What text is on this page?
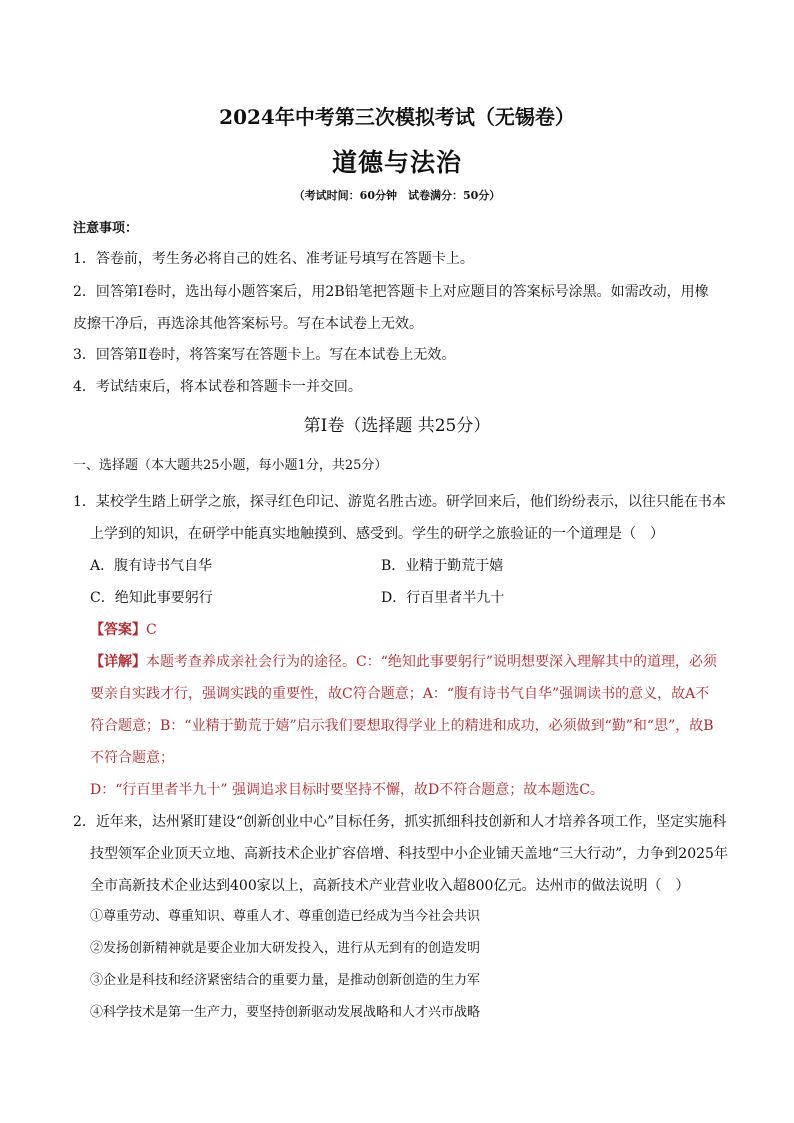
2024年中考第三次模拟考试（无锡卷）
道德与法治
（考试时间：60分钟　试卷满分：50分）
注意事项：
1．答卷前，考生务必将自己的姓名、准考证号填写在答题卡上。
2．回答第Ⅰ卷时，选出每小题答案后，用2B铅笔把答题卡上对应题目的答案标号涂黑。如需改动，用橡
皮擦干净后，再选涂其他答案标号。写在本试卷上无效。
3．回答第Ⅱ卷时，将答案写在答题卡上。写在本试卷上无效。
4．考试结束后，将本试卷和答题卡一并交回。
第Ⅰ卷（选择题 共25分）
一、选择题（本大题共25小题，每小题1分，共25分）
1．某校学生踏上研学之旅，探寻红色印记、游览名胜古迹。研学回来后，他们纷纷表示，以往只能在书本
上学到的知识，在研学中能真实地触摸到、感受到。学生的研学之旅验证的一个道理是（　）
A．腹有诗书气自华	B．业精于勤荒于嬉
C．绝知此事要躬行	D．行百里者半九十
【答案】C
【详解】本题考查养成亲社会行为的途径。C：“绝知此事要躬行”说明想要深入理解其中的道理，必须
要亲自实践才行，强调实践的重要性，故C符合题意；A：“腹有诗书气自华”强调读书的意义，故A不
符合题意；B：“业精于勤荒于嬉”启示我们要想取得学业上的精进和成功，必须做到“勤”和“思”，故B
不符合题意；
D：“行百里者半九十” 强调追求目标时要坚持不懈，故D不符合题意；故本题选C。
2．近年来，达州紧盯建设“创新创业中心”目标任务，抓实抓细科技创新和人才培养各项工作，坚定实施科
技型领军企业顶天立地、高新技术企业扩容倍增、科技型中小企业铺天盖地“三大行动”，力争到2025年
全市高新技术企业达到400家以上，高新技术产业营业收入超800亿元。达州市的做法说明（　）
①尊重劳动、尊重知识、尊重人才、尊重创造已经成为当今社会共识
②发扬创新精神就是要企业加大研发投入，进行从无到有的创造发明
③企业是科技和经济紧密结合的重要力量，是推动创新创造的生力军
④科学技术是第一生产力，要坚持创新驱动发展战略和人才兴市战略
